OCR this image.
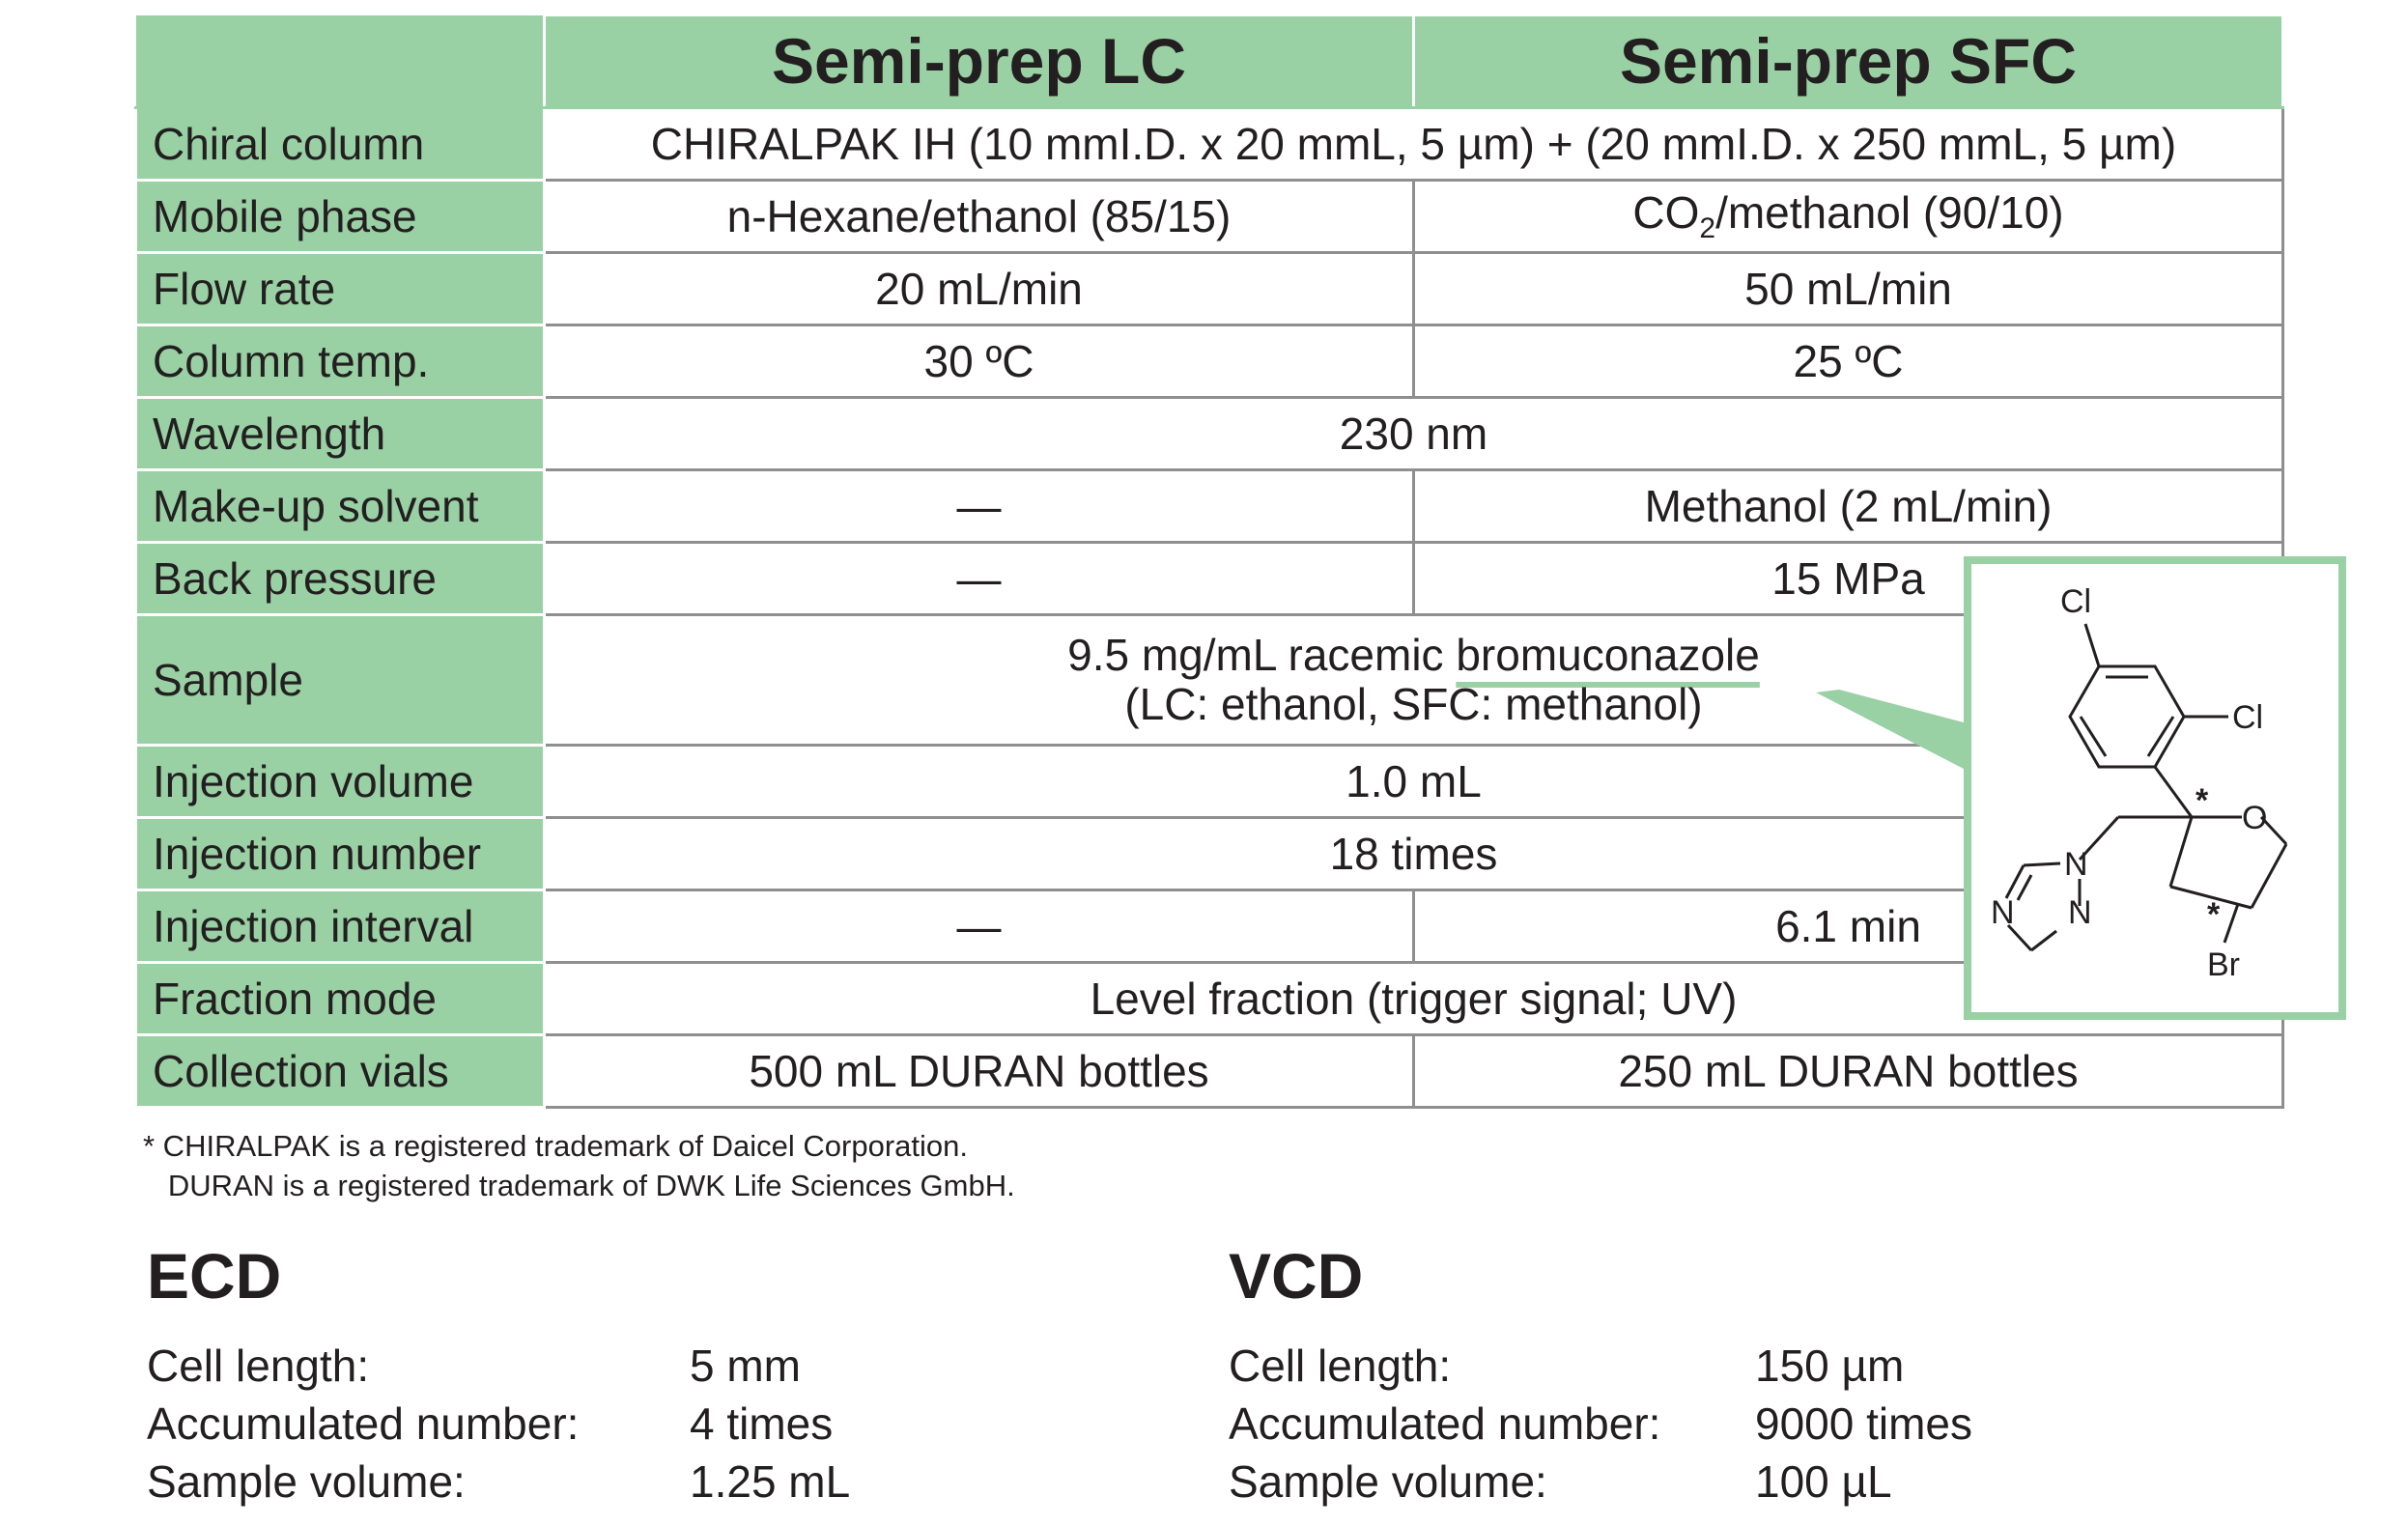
	Semi-prep LC	Semi-prep SFC
Chiral column	CHIRALPAK IH (10 mmI.D. x 20 mmL, 5 µm) + (20 mmI.D. x 250 mmL, 5 µm)	
Mobile phase	n-Hexane/ethanol (85/15)	$CO_2$/methanol (90/10)
Flow rate	20 mL/min	50 mL/min
Column temp.	30 ºC	25 ºC
Wavelength	230 nm	
Make-up solvent	—	Methanol (2 mL/min)
Back pressure	—	15 MPa
Sample	9.5 mg/mL racemic bromuconazole
(LC: ethanol, SFC: methanol)	

Injection volume	1.0 mL	
Injection number	18 times	
Injection interval	—	6.1 min
Fraction mode	Level fraction (trigger signal; UV)	
Collection vials	500 mL DURAN bottles	250 mL DURAN bottles
Cl
Cl
O
Br
N
N N
*
*
* CHIRALPAK is a registered trademark of Daicel Corporation.
DURAN is a registered trademark of DWK Life Sciences GmbH.
ECD
Cell length:	5 mm
Accumulated number: 4 times
Sample volume:	1.25 mL
VCD
Cell length:	150 µm
Accumulated number: 9000 times
Sample volume:	100 µL
